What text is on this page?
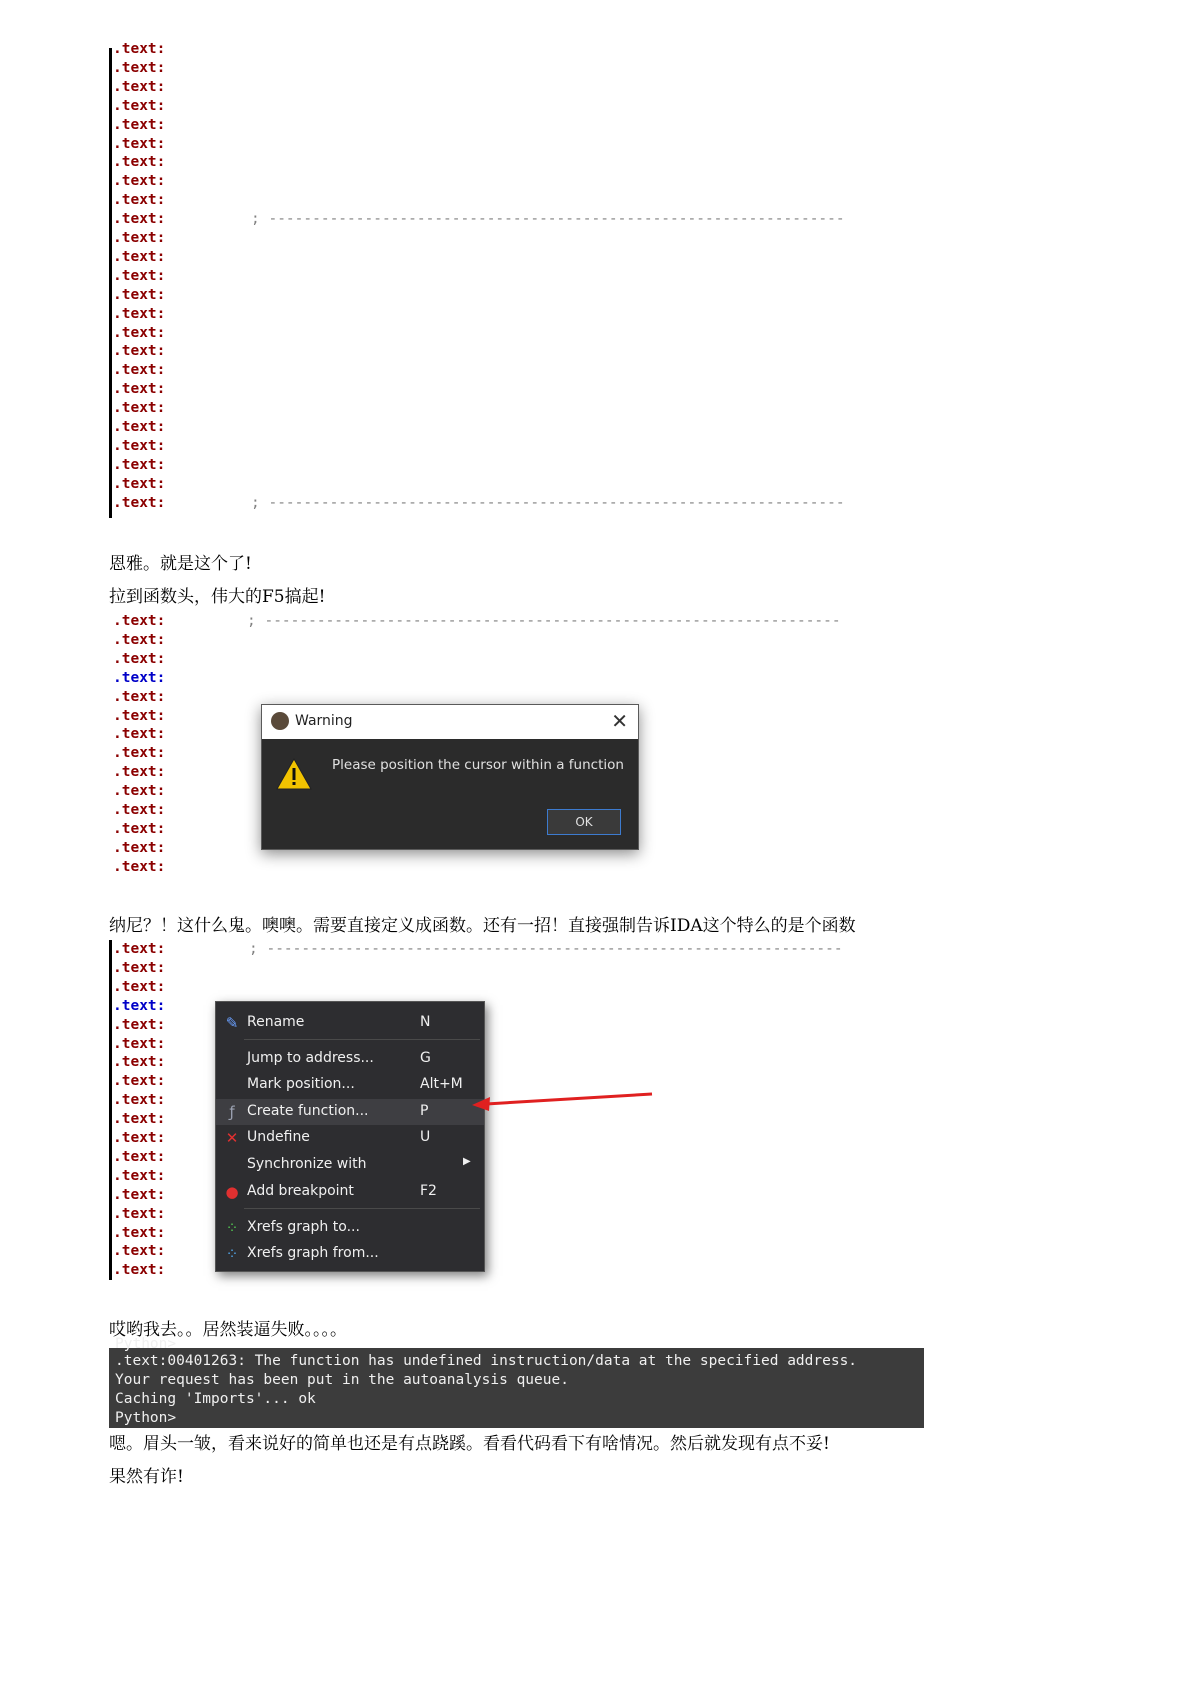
.text:
.text:
.text:
.text:
.text:
.text:
.text:
.text:
.text:
.text:	; ------------------------------------------------------------------
.text:
.text:
.text:
.text:
.text:
.text:
.text:
.text:
.text:
.text:
.text:
.text:
.text:
.text:
.text:	; ------------------------------------------------------------------

恩雅。就是这个了!
拉到函数头，伟大的F5搞起!

.text:	; ------------------------------------------------------------------
.text:
.text:
.text:
.text:
.text:
.text:
.text:
.text:
.text:
.text:
.text:
.text:
.text:

Warning	✕
Please position the cursor within a function
OK
纳尼？！这什么鬼。噢噢。需要直接定义成函数。还有一招！直接强制告诉IDA这个特么的是个函数

.text:	; ------------------------------------------------------------------
.text:
.text:
.text:
.text:
.text:
.text:
.text:
.text:
.text:
.text:
.text:
.text:
.text:
.text:
.text:
.text:
.text:

✎ Rename	N
Jump to address...	G
Mark position...	Alt+M
ƒ Create function...	P
✕ Undefine	U
Synchronize with	▶
● Add breakpoint	F2
⁘ Xrefs graph to...
⁘ Xrefs graph from...
哎哟我去。。居然装逼失败。。。。
Python>
.text:00401263: The function has undefined instruction/data at the specified address.
Your request has been put in the autoanalysis queue.
Caching 'Imports'... ok
Python>
嗯。眉头一皱，看来说好的简单也还是有点跷蹊。看看代码看下有啥情况。然后就发现有点不妥!
果然有诈!
